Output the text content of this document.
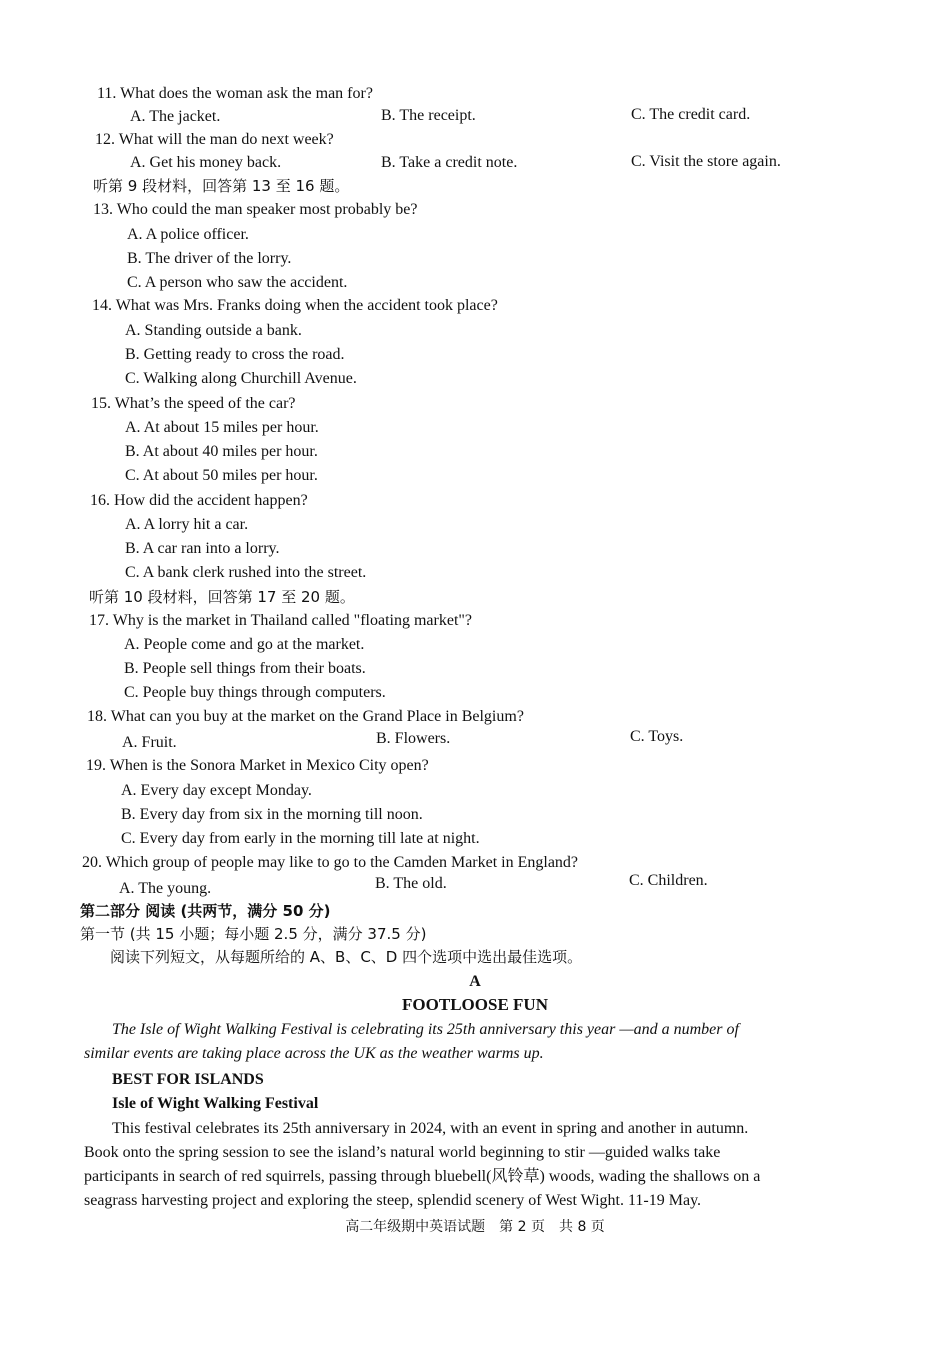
11. What does the woman ask the man for?
A. The jacket.	B. The receipt.	C. The credit card.
12. What will the man do next week?
A. Get his money back.	B. Take a credit note.	C. Visit the store again.
听第 9 段材料，回答第 13 至 16 题。
13. Who could the man speaker most probably be?
A. A police officer.
B. The driver of the lorry.
C. A person who saw the accident.
14. What was Mrs. Franks doing when the accident took place?
A. Standing outside a bank.
B. Getting ready to cross the road.
C. Walking along Churchill Avenue.
15. What’s the speed of the car?
A. At about 15 miles per hour.
B. At about 40 miles per hour.
C. At about 50 miles per hour.
16. How did the accident happen?
A. A lorry hit a car.
B. A car ran into a lorry.
C. A bank clerk rushed into the street.
听第 10 段材料，回答第 17 至 20 题。
17. Why is the market in Thailand called "floating market"?
A. People come and go at the market.
B. People sell things from their boats.
C. People buy things through computers.
18. What can you buy at the market on the Grand Place in Belgium?
A. Fruit.	B. Flowers.	C. Toys.
19. When is the Sonora Market in Mexico City open?
A. Every day except Monday.
B. Every day from six in the morning till noon.
C. Every day from early in the morning till late at night.
20. Which group of people may like to go to the Camden Market in England?
A. The young.	B. The old.	C. Children.
第二部分 阅读 (共两节，满分 50 分)
第一节 (共 15 小题；每小题 2.5 分，满分 37.5 分)
阅读下列短文，从每题所给的 A、B、C、D 四个选项中选出最佳选项。
A
FOOTLOOSE FUN
The Isle of Wight Walking Festival is celebrating its 25th anniversary this year —and a number of
similar events are taking place across the UK as the weather warms up.
BEST FOR ISLANDS
Isle of Wight Walking Festival
This festival celebrates its 25th anniversary in 2024, with an event in spring and another in autumn.
Book onto the spring session to see the island’s natural world beginning to stir —guided walks take
participants in search of red squirrels, passing through bluebell(风铃草) woods, wading the shallows on a
seagrass harvesting project and exploring the steep, splendid scenery of West Wight. 11-19 May.
高二年级期中英语试题　第 2 页　共 8 页
